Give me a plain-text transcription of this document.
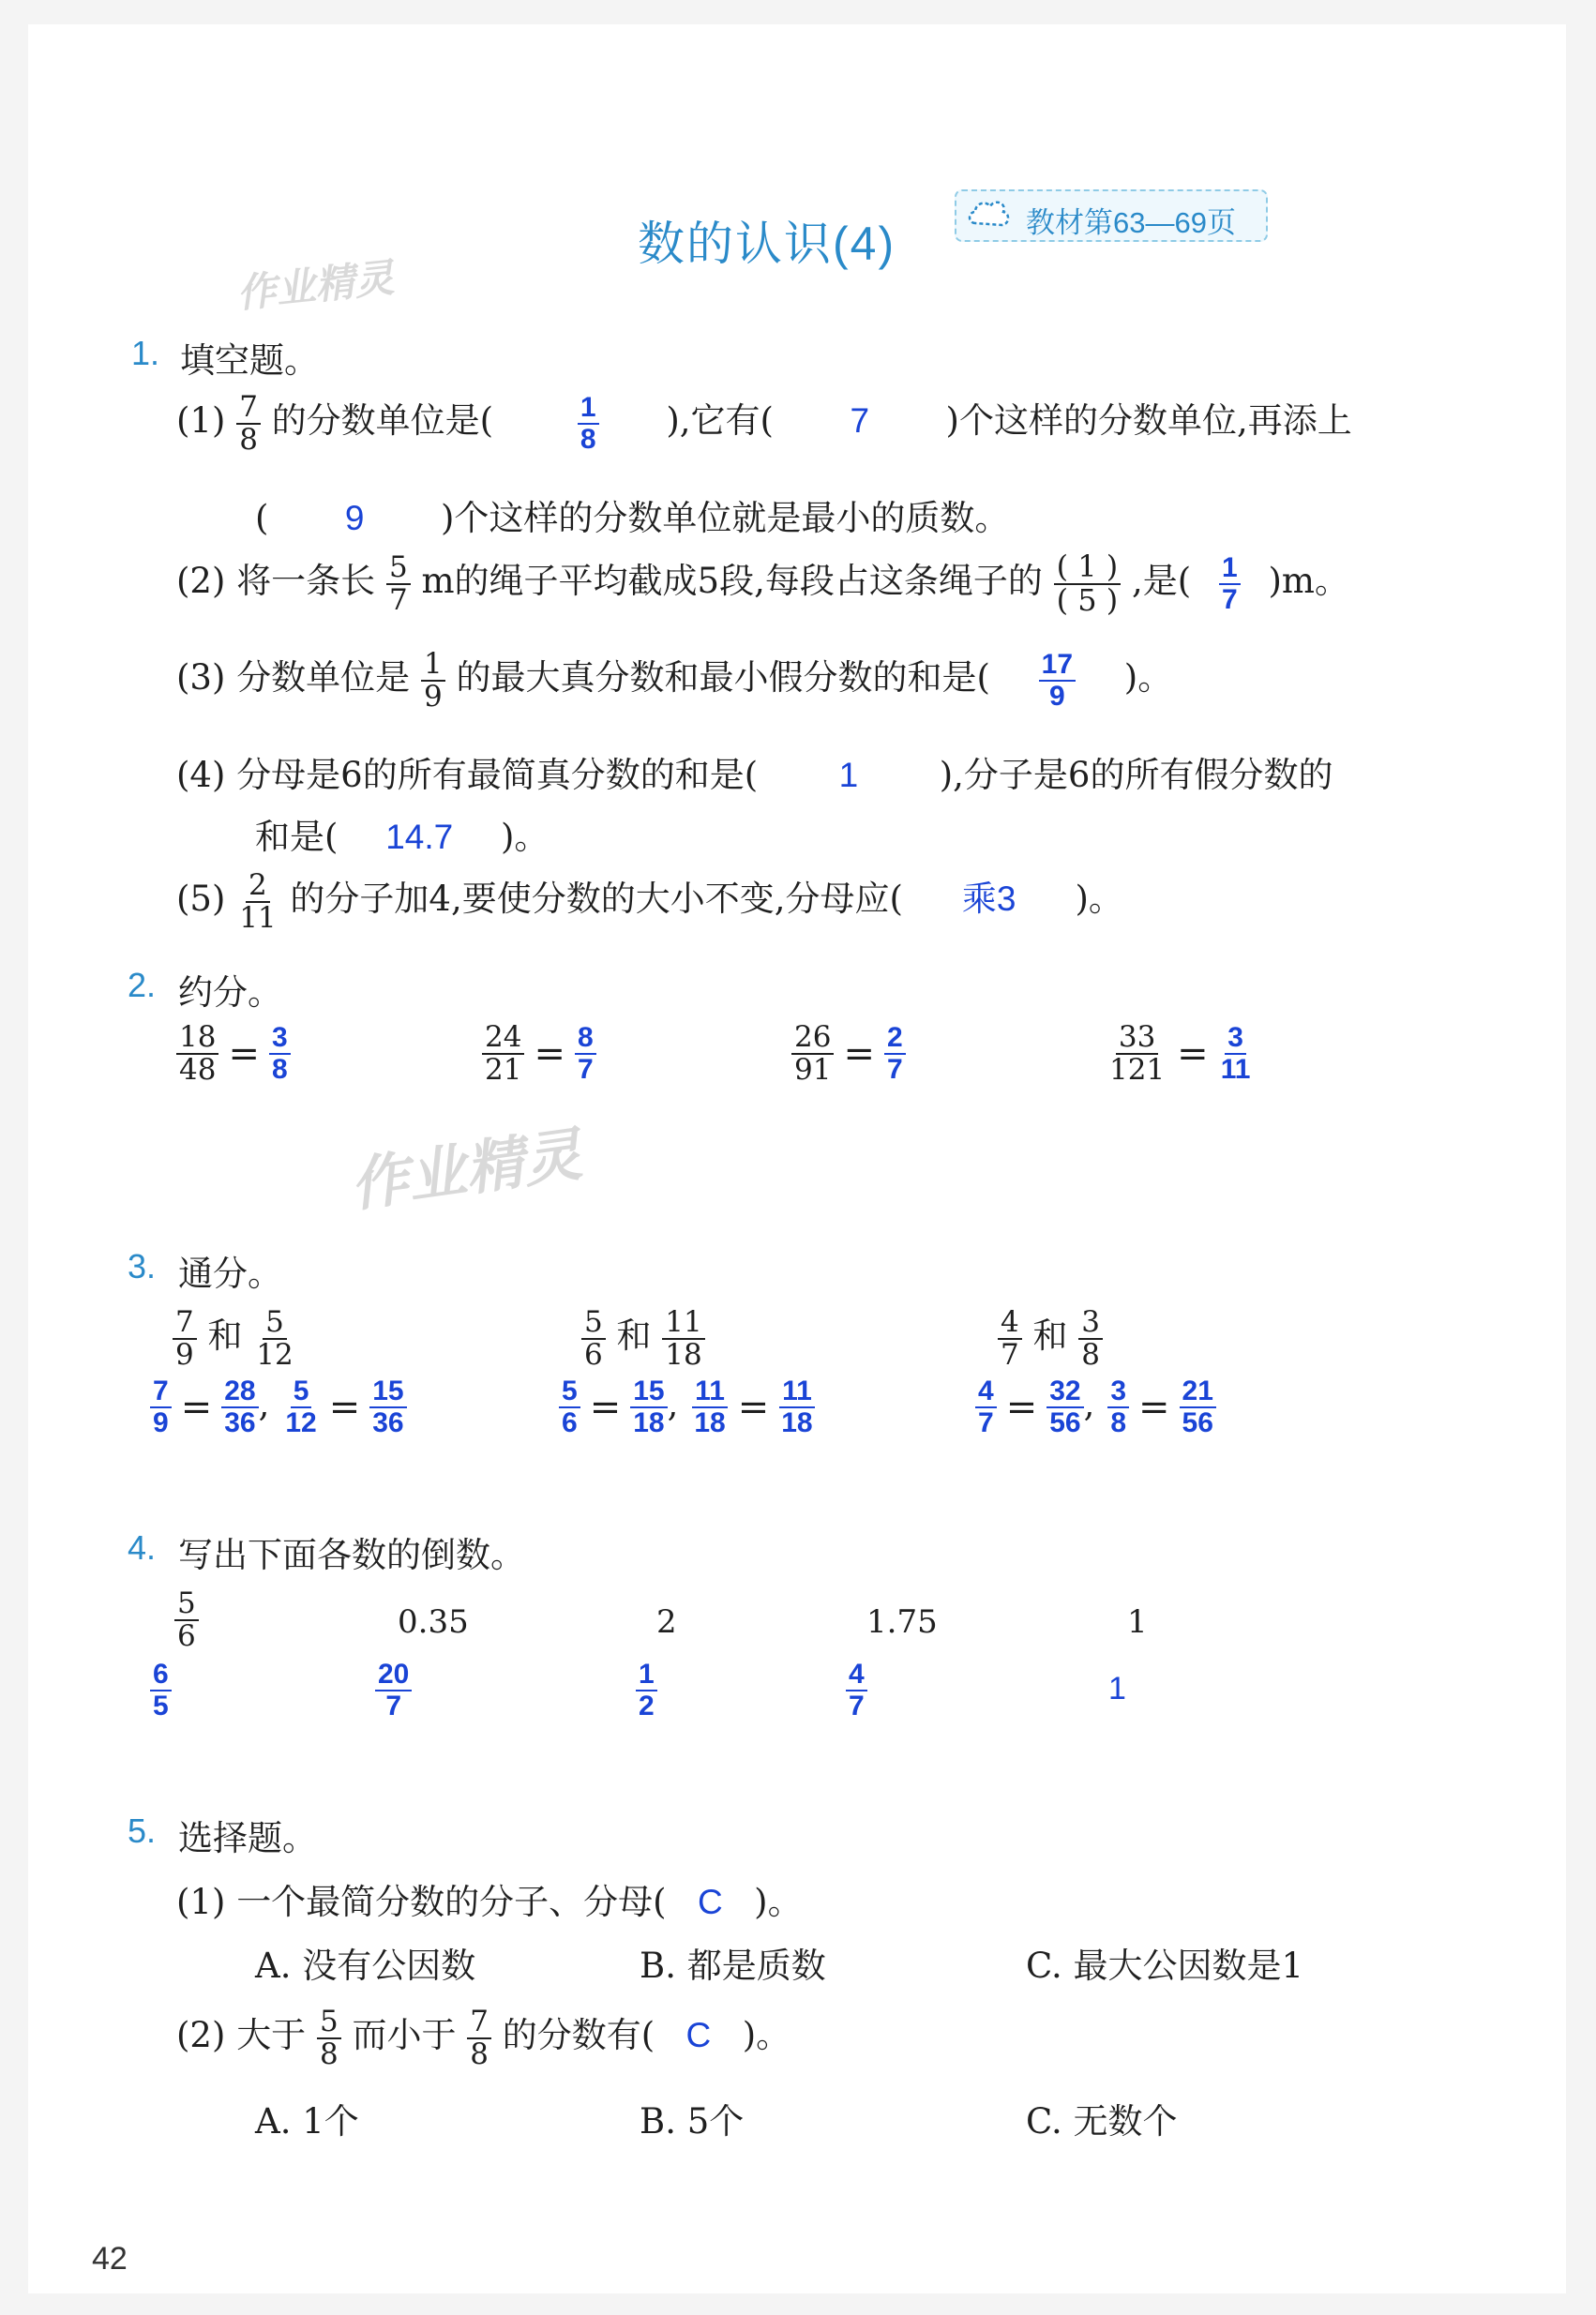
数的认识(4)	教材第63—69页
作业精灵
作业精灵
1. 填空题。
$(1) \frac{7}{8}$ 的分数单位是(	$\frac{1}{8}$ ),它有( 7 )个这样的分数单位,再添上
( 9 )个这样的分数单位就是最小的质数。
(2) 将一条长 $\frac{5}{7}$ m的绳子平均截成5段,每段占这条绳子的 $\frac{( 1 )}{( 5 )}$ ,是( $\frac{1}{7} )m$。
(3) 分数单位是 $\frac{1}{9}$ 的最大真分数和最小假分数的和是( $\frac{17}{9}$ )。
(4) 分母是6的所有最简真分数的和是( 1 ),分子是6的所有假分数的
和是( 14.7 )。
$(5) \frac{2}{11}$ 的分子加4,要使分数的大小不变,分母应( 乘3 )。
2. 约分。
$\frac{18}{48} = \frac{3}{8}$	$\frac{24}{21} = \frac{8}{7}$	$\frac{26}{91} = \frac{2}{7}$	$\frac{33}{121} = \frac{3}{11}$
3. 通分。
$\frac{7}{9}$ 和 $\frac{5}{12}$
$\frac{7}{9} = \frac{28}{36}$ , $\frac{5}{12} = \frac{15}{36}$
$\frac{5}{6}$ 和 $\frac{11}{18}$
$\frac{5}{6} = \frac{15}{18}$ , $\frac{11}{18} = \frac{11}{18}$
$\frac{4}{7}$ 和 $\frac{3}{8}$
$\frac{4}{7} = \frac{32}{56}$ , $\frac{3}{8} = \frac{21}{56}$
4. 写出下面各数的倒数。
$\frac{5}{6}$	0.35	2	1.75	1
$\frac{6}{5}$	$\frac{20}{7}$	$\frac{1}{2}$	$\frac{4}{7}$	1
5. 选择题。
(1) 一个最简分数的分子、分母( C )。
A. 没有公因数	B. 都是质数	C. 最大公因数是1
(2) 大于 $\frac{5}{8}$ 而小于 $\frac{7}{8}$ 的分数有( C )。
A. 1个	B. 5个	C. 无数个
42
